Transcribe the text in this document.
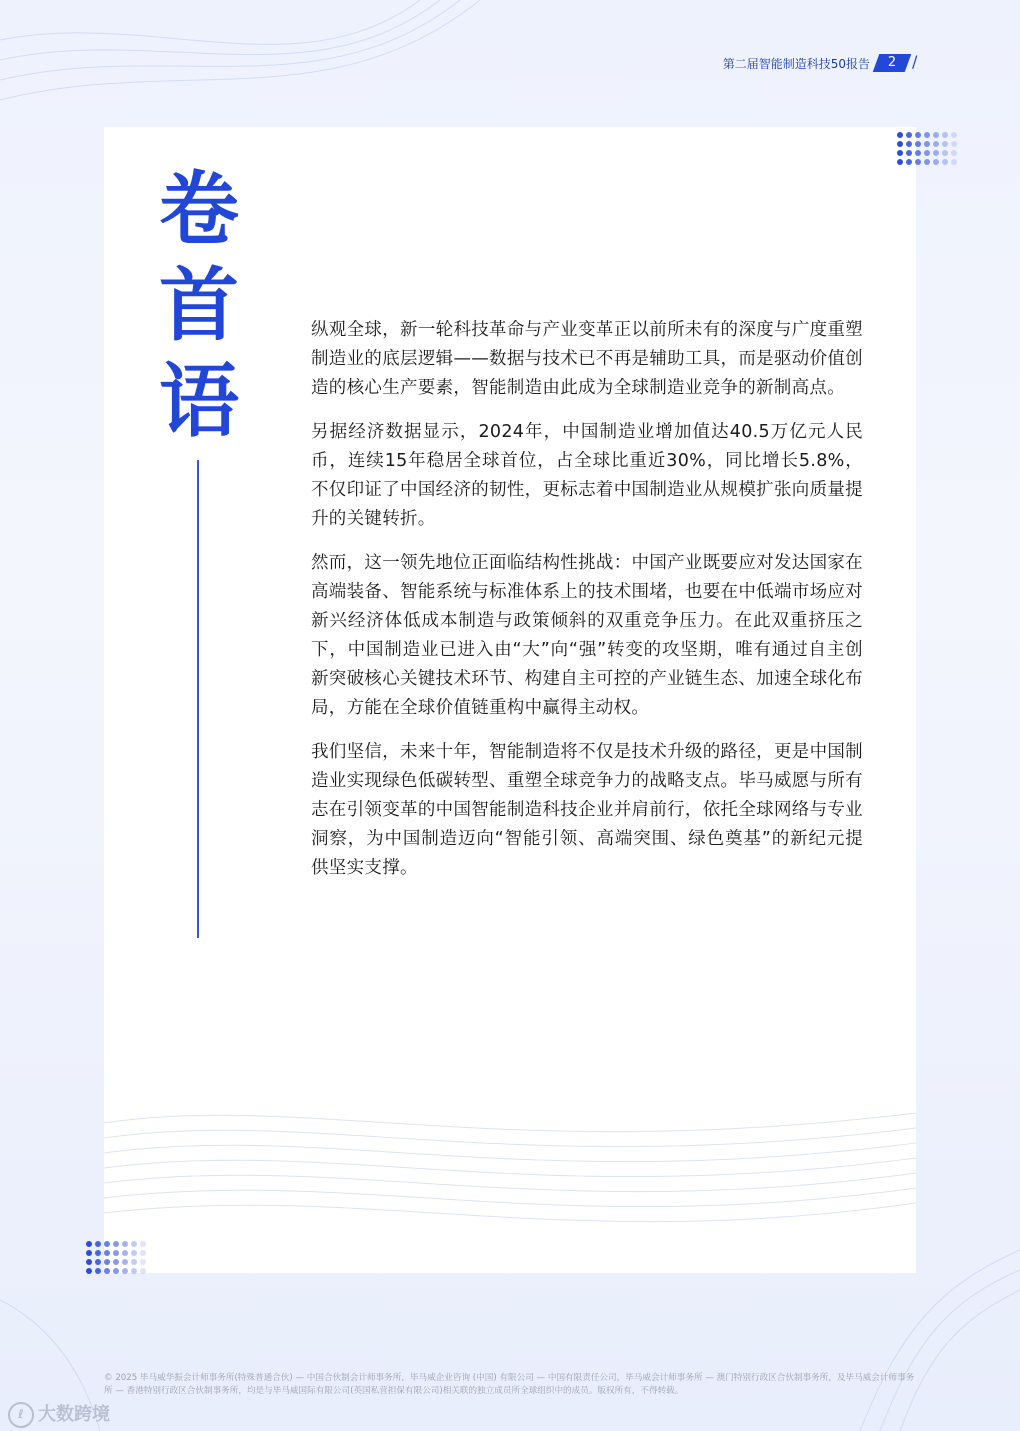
第二届智能制造科技50报告	2 /
卷
首
语

纵观全球，新一轮科技革命与产业变革正以前所未有的深度与广度重塑制造业的底层逻辑——数据与技术已不再是辅助工具，而是驱动价值创造的核心生产要素，智能制造由此成为全球制造业竞争的新制高点。

另据经济数据显示，2024年，中国制造业增加值达40.5万亿元人民币，连续15年稳居全球首位，占全球比重近30%，同比增长5.8%，不仅印证了中国经济的韧性，更标志着中国制造业从规模扩张向质量提升的关键转折。

然而，这一领先地位正面临结构性挑战：中国产业既要应对发达国家在高端装备、智能系统与标准体系上的技术围堵，也要在中低端市场应对新兴经济体低成本制造与政策倾斜的双重竞争压力。在此双重挤压之下，中国制造业已进入由“大”向“强”转变的攻坚期，唯有通过自主创新突破核心关键技术环节、构建自主可控的产业链生态、加速全球化布局，方能在全球价值链重构中赢得主动权。

我们坚信，未来十年，智能制造将不仅是技术升级的路径，更是中国制造业实现绿色低碳转型、重塑全球竞争力的战略支点。毕马威愿与所有志在引领变革的中国智能制造科技企业并肩前行，依托全球网络与专业洞察，为中国制造迈向“智能引领、高端突围、绿色奠基”的新纪元提供坚实支撑。

© 2025 毕马威华振会计师事务所(特殊普通合伙) — 中国合伙制会计师事务所，毕马威企业咨询 (中国) 有限公司 — 中国有限责任公司，毕马威会计师事务所 — 澳门特别行政区合伙制事务所，及毕马威会计师事务所 — 香港特别行政区合伙制事务所，均是与毕马威国际有限公司(英国私营担保有限公司)相关联的独立成员所全球组织中的成员。版权所有，不得转载。
ℓ 大数跨境
